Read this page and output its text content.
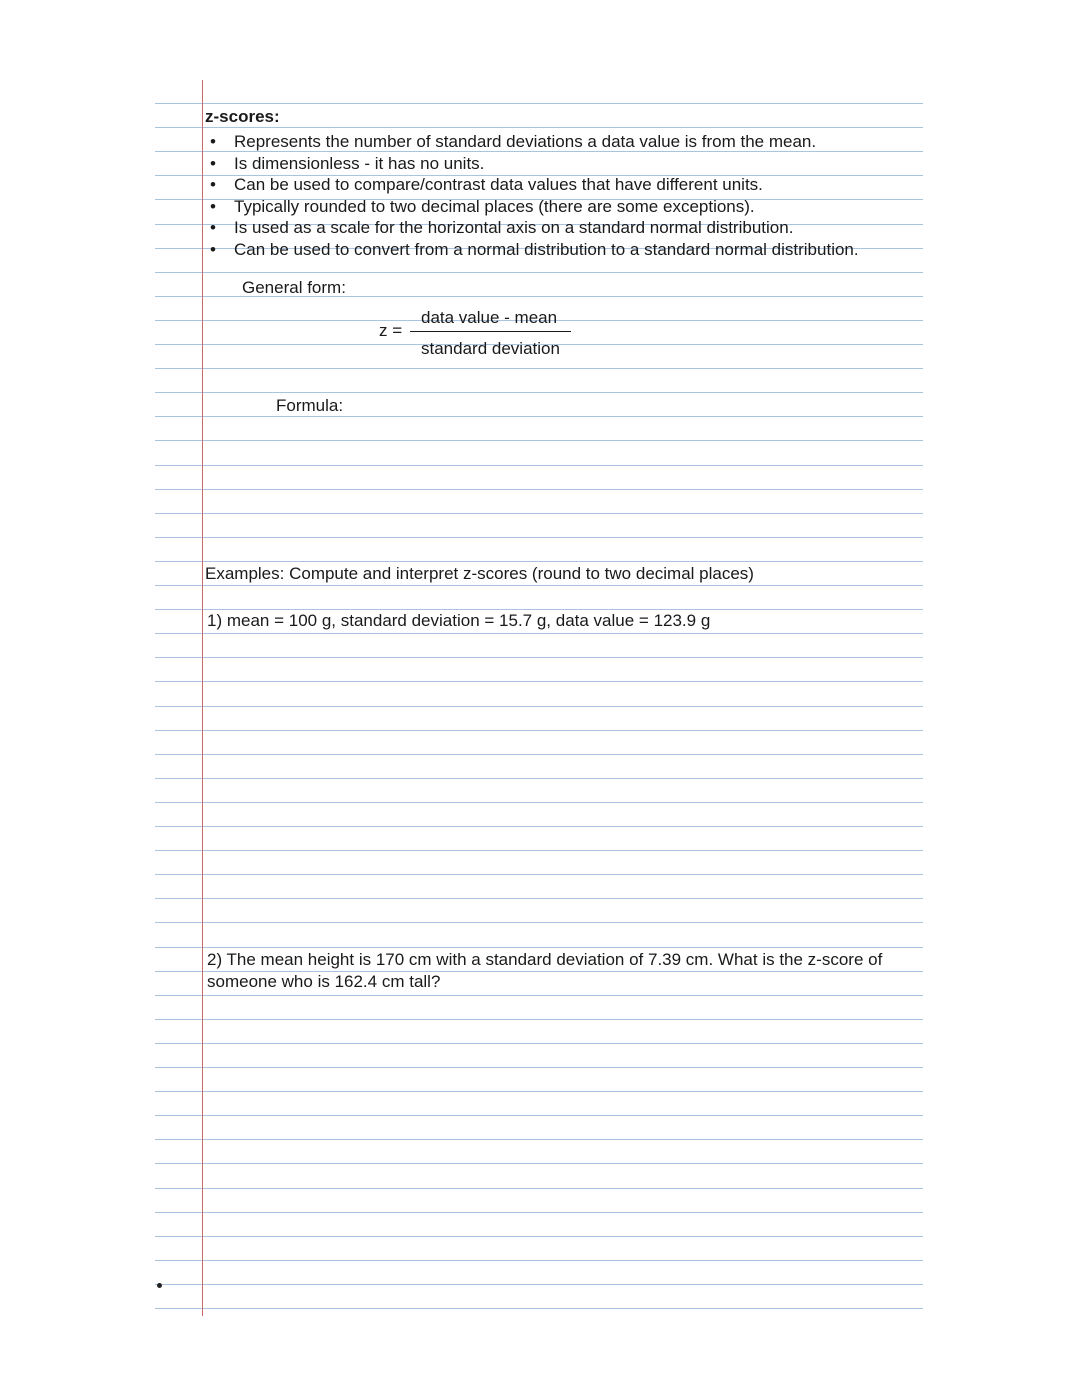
z-scores:
•	Represents the number of standard deviations a data value is from the mean.
•	Is dimensionless - it has no units.
•	Can be used to compare/contrast data values that have different units.
•	Typically rounded to two decimal places (there are some exceptions).
•	Is used as a scale for the horizontal axis on a standard normal distribution.
•	Can be used to convert from a normal distribution to a standard normal distribution.
General form:
z =
data value - mean
standard deviation
Formula:
Examples: Compute and interpret z-scores (round to two decimal places)
1) mean = 100 g, standard deviation = 15.7 g, data value = 123.9 g
2) The mean height is 170 cm with a standard deviation of 7.39 cm. What is the z-score of
someone who is 162.4 cm tall?
